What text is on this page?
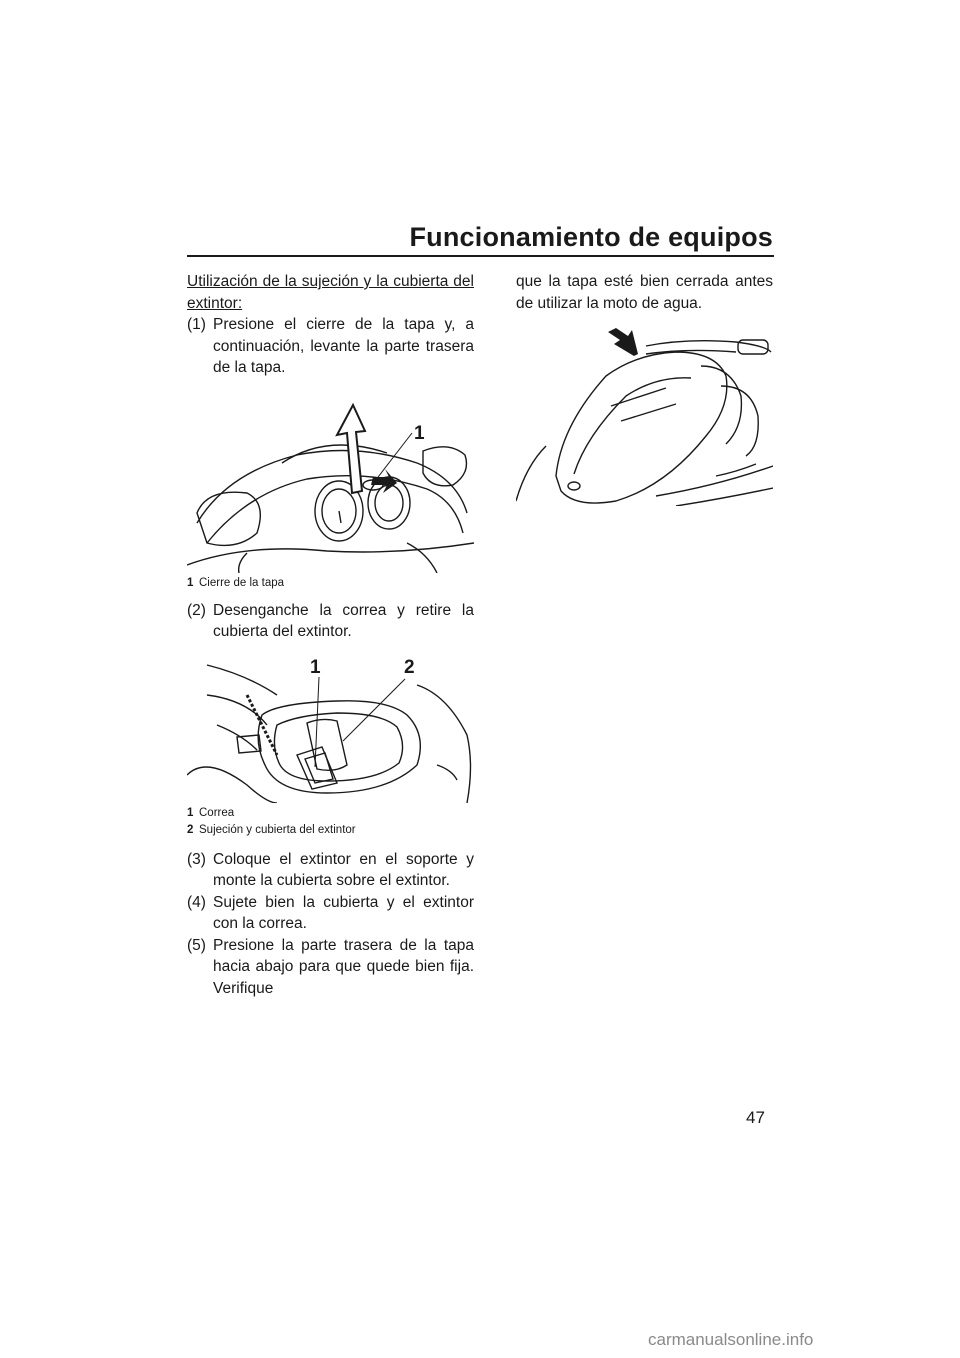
Funcionamiento de equipos
Utilización de la sujeción y la cubierta del extintor:
(1) Presione el cierre de la tapa y, a continuación, levante la parte trasera de la tapa.
1
1 Cierre de la tapa
(2) Desenganche la correa y retire la cubierta del extintor.
1	2
1 Correa
2 Sujeción y cubierta del extintor
(3) Coloque el extintor en el soporte y monte la cubierta sobre el extintor.
(4) Sujete bien la cubierta y el extintor con la correa.
(5) Presione la parte trasera de la tapa hacia abajo para que quede bien fija. Verifique
que la tapa esté bien cerrada antes de utilizar la moto de agua.
47
carmanualsonline.info
